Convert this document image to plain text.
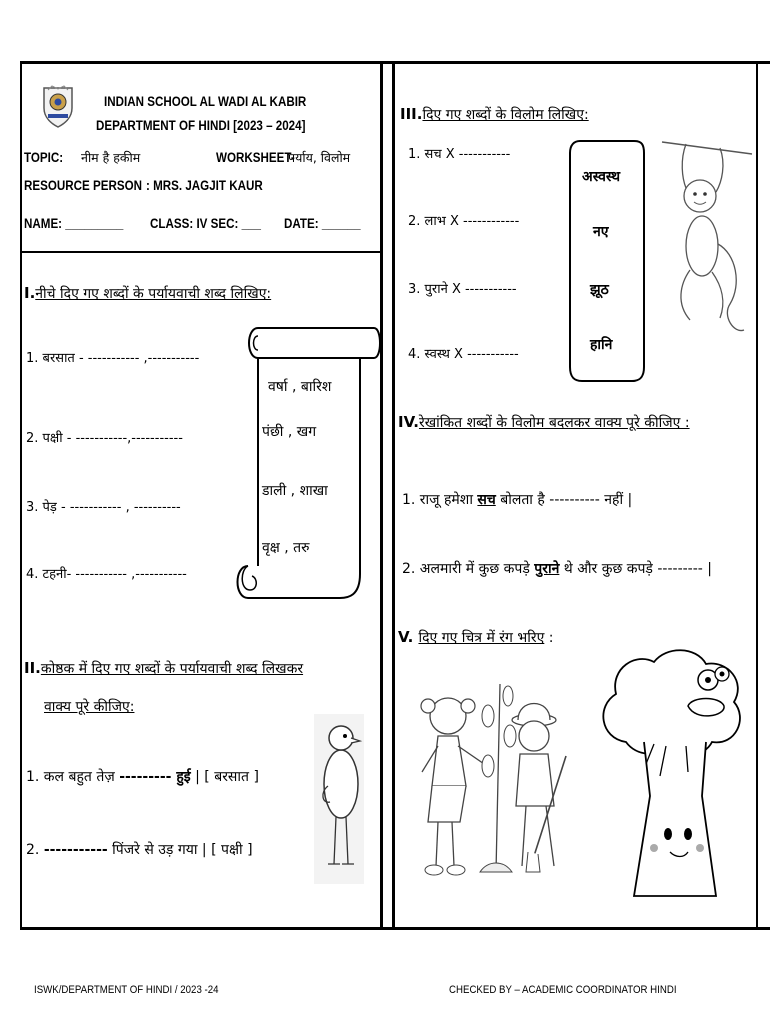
INDIAN SCHOOL AL WADI AL KABIR
DEPARTMENT OF HINDI [2023 – 2024]
TOPIC: नीम है हकीम	WORKSHEET-
पर्याय, विलोम
RESOURCE PERSON : MRS. JAGJIT KAUR
NAME: _________ CLASS: IV SEC: ___ DATE: ______
I.नीचे दिए गए शब्दों के पर्यायवाची शब्द लिखिए:
1. बरसात - ----------- ,-----------
2. पक्षी - -----------,-----------
3. पेड़ - ----------- , ----------
4. टहनी- ----------- ,-----------
वर्षा , बारिश
पंछी , खग
डाली , शाखा
वृक्ष , तरु
II.कोष्ठक में दिए गए शब्दों के पर्यायवाची शब्द लिखकर
वाक्य पूरे कीजिए:
1. कल बहुत तेज़ --------- हुई | [ बरसात ]
2. ----------- पिंजरे से उड़ गया | [ पक्षी ]
III.दिए गए शब्दों के विलोम लिखिए:
1. सच X -----------
2. लाभ X ------------
3. पुराने X -----------
4. स्वस्थ X -----------
अस्वस्थ
नए
झूठ
हानि
IV.रेखांकित शब्दों के विलोम बदलकर वाक्य पूरे कीजिए :
1. राजू हमेशा सच बोलता है ---------- नहीं |
2. अलमारी में कुछ कपड़े पुराने थे और कुछ कपड़े --------- |
V. दिए गए चित्र में रंग भरिए :
ISWK/DEPARTMENT OF HINDI / 2023 -24	CHECKED BY – ACADEMIC COORDINATOR HINDI
